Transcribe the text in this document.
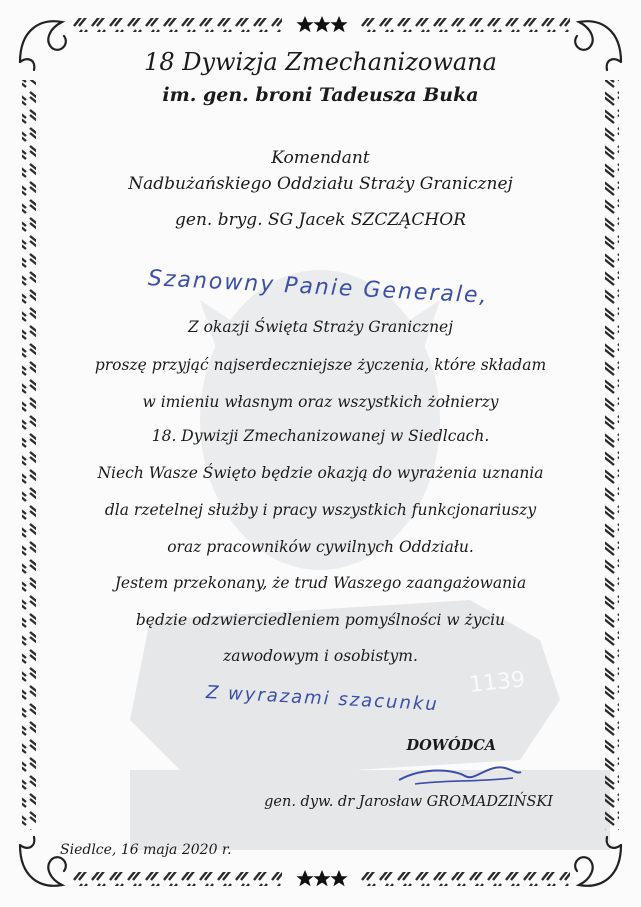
1139
18 Dywizja Zmechanizowana
im. gen. broni Tadeusza Buka
Komendant
Nadbużańskiego Oddziału Straży Granicznej
gen. bryg. SG Jacek SZCZĄCHOR
Szanowny Panie Generale,
Z okazji Święta Straży Granicznej
proszę przyjąć najserdeczniejsze życzenia, które składam
w imieniu własnym oraz wszystkich żołnierzy
18. Dywizji Zmechanizowanej w Siedlcach.
Niech Wasze Święto będzie okazją do wyrażenia uznania
dla rzetelnej służby i pracy wszystkich funkcjonariuszy
oraz pracowników cywilnych Oddziału.
Jestem przekonany, że trud Waszego zaangażowania
będzie odzwierciedleniem pomyślności w życiu
zawodowym i osobistym.
Z wyrazami szacunku
DOWÓDCA
gen. dyw. dr Jarosław GROMADZIŃSKI
Siedlce, 16 maja 2020 r.
